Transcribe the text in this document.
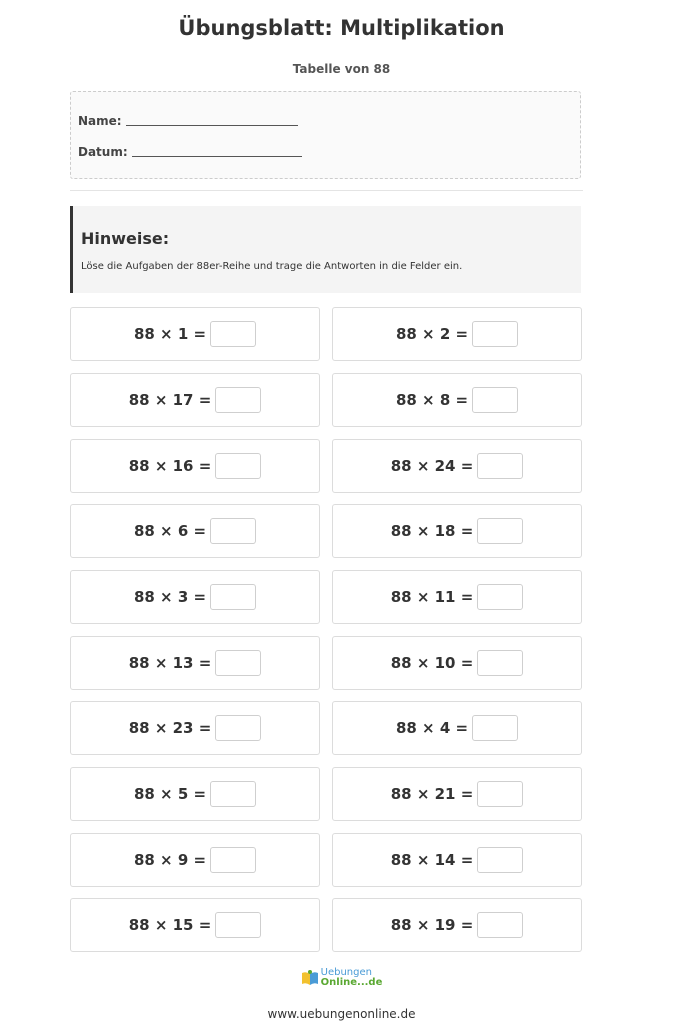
Übungsblatt: Multiplikation
Tabelle von 88
Name:
Datum:
Hinweise:
Löse die Aufgaben der 88er-Reihe und trage die Antworten in die Felder ein.
88 × 1 =	88 × 2 =
88 × 17 =	88 × 8 =
88 × 16 =	88 × 24 =
88 × 6 =	88 × 18 =
88 × 3 =	88 × 11 =
88 × 13 =	88 × 10 =
88 × 23 =	88 × 4 =
88 × 5 =	88 × 21 =
88 × 9 =	88 × 14 =
88 × 15 =	88 × 19 =
Uebungen
Online...de
www.uebungenonline.de
